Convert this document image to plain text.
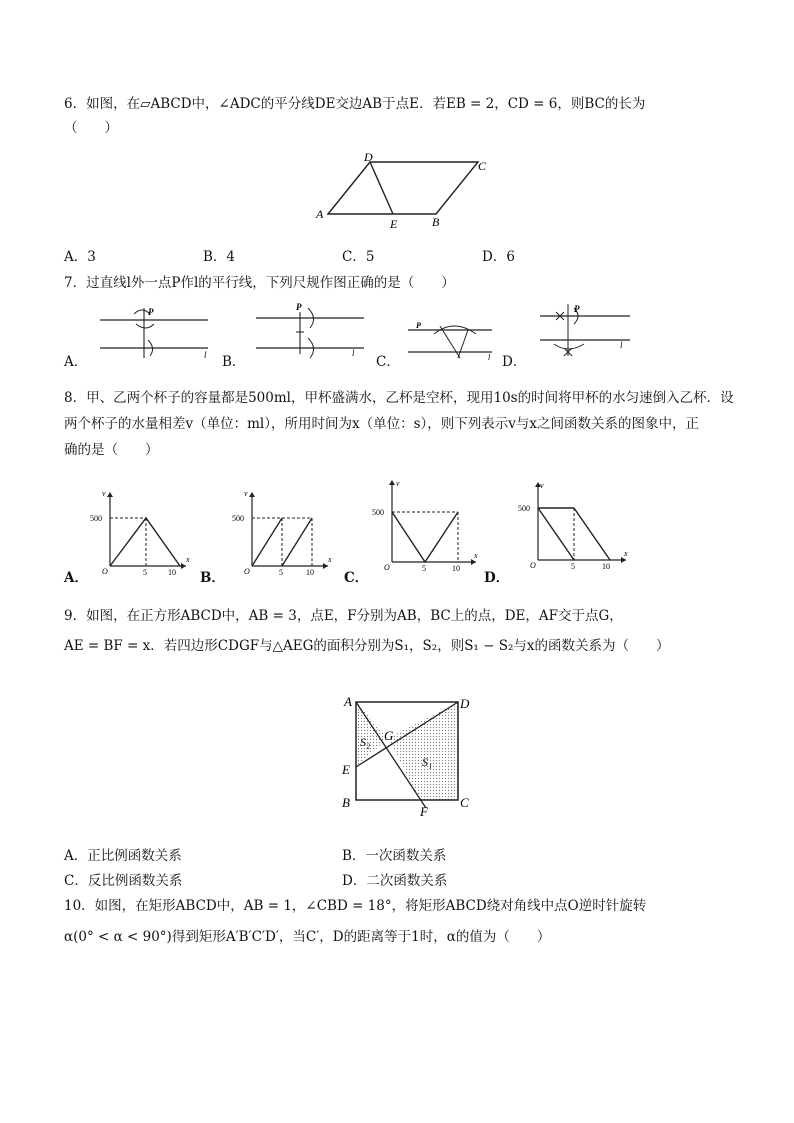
6．如图，在▱ABCD中，∠ADC的平分线DE交边AB于点E．若EB = 2，CD = 6，则BC的长为
（　　）
A
D
C
B
E
A．3	B．4	C．5	D．6
7．过直线l外一点P作l的平行线，下列尺规作图正确的是（　　）
A．
P
l B．
P
l
C．
P
l D．
P
l
8．甲、乙两个杯子的容量都是500ml，甲杯盛满水，乙杯是空杯，现用10s的时间将甲杯的水匀速倒入乙杯．设
两个杯子的水量相差v（单位：ml），所用时间为x（单位：s），则下列表示v与x之间函数关系的图象中，正
确的是（　　）
A．
v
x
O
500
5	10 B．
v
x
O
500
5	10 C．
v
x
O
500
5	10
D．
v
x
O
500
5	10
9．如图，在正方形ABCD中，AB = 3，点E，F分别为AB，BC上的点，DE，AF交于点G，
AE = BF = x．若四边形CDGF与△AEG的面积分别为S₁，S₂，则S₁ − S₂与x的函数关系为（　　）
A	D
E
B
F
C
G
S₂
S₁
A．正比例函数关系	B．一次函数关系
C．反比例函数关系	D．二次函数关系
10．如图，在矩形ABCD中，AB = 1，∠CBD = 18°，将矩形ABCD绕对角线中点O逆时针旋转
α(0° < α < 90°)得到矩形A′B′C′D′，当C′，D的距离等于1时，α的值为（　　）
